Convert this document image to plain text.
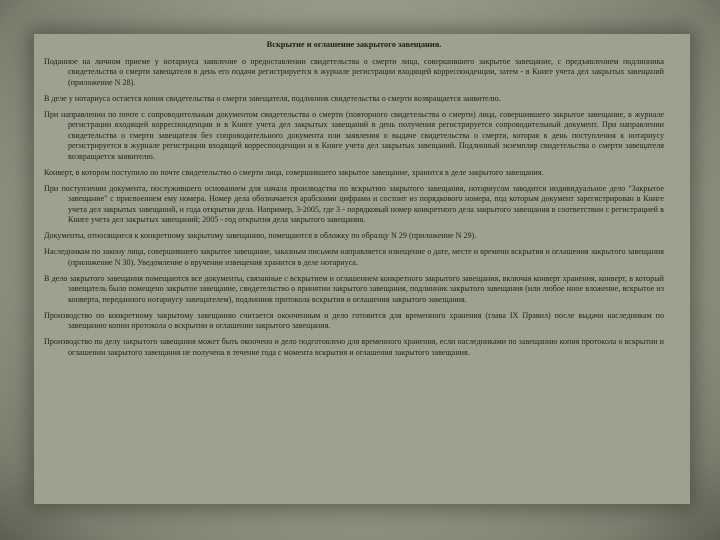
Вскрытие и оглашение закрытого завещания.

Поданное на личном приеме у нотариуса заявление о предоставлении свидетельства о смерти лица, совершившего закрытое завещание, с предъявлением подлинника свидетельства о смерти завещателя в день его подачи регистрируется в журнале регистрации входящей корреспонденции, затем - в Книге учета дел закрытых завещаний (приложение N 28).

В деле у нотариуса остается копия свидетельства о смерти завещателя, подлинник свидетельства о смерти возвращается заявителю.

При направлении по почте с сопроводительным документом свидетельства о смерти (повторного свидетельства о смерти) лица, совершившего закрытое завещание, в журнале регистрации входящей корреспонденции и в Книге учета дел закрытых завещаний в день получения регистрируется сопроводительный документ. При направлении свидетельства о смерти завещателя без сопроводительного документа или заявления о выдаче свидетельства о смерти, которая в день поступления к нотариусу регистрируется в журнале регистрации входящей корреспонденции и в Книге учета дел закрытых завещаний. Подлинный экземпляр свидетельства о смерти завещателя возвращается заявителю.

Конверт, в котором поступило по почте свидетельство о смерти лица, совершившего закрытое завещание, хранится в деле закрытого завещания.

При поступлении документа, послужившего основанием для начала производства по вскрытию закрытого завещания, нотариусом заводится индивидуальное дело "Закрытое завещание" с присвоением ему номера. Номер дела обозначается арабскими цифрами и состоит из порядкового номера, под которым документ зарегистрирован в Книге учета дел закрытых завещаний, и года открытия дела. Например, 3-2005, где 3 - порядковый номер конкретного дела закрытого завещания в соответствии с регистрацией в Книге учета дел закрытых завещаний; 2005 - год открытия дела закрытого завещания.

Документы, относящиеся к конкретному закрытому завещанию, помещаются в обложку по образцу N 29 (приложение N 29).

Наследникам по закону лица, совершившего закрытое завещание, заказным письмом направляется извещение о дате, месте и времени вскрытия и оглашения закрытого завещания (приложение N 30). Уведомление о вручении извещения хранится в деле нотариуса.

В дело закрытого завещания помещаются все документы, связанные с вскрытием и оглашением конкретного закрытого завещания, включая конверт хранения, конверт, в который завещатель было помещено закрытое завещание, свидетельство о принятии закрытого завещания, подлинник закрытого завещания (или любое иное вложение, вскрытое из конверта, переданного нотариусу завещателем), подлинник протокола вскрытия и оглашения закрытого завещания.

Производство по конкретному закрытому завещанию считается оконченным и дело готовится для временного хранения (глава IX Правил) после выдачи наследникам по завещанию копии протокола о вскрытии и оглашении закрытого завещания.

Производство по делу закрытого завещания может быть окончено и дело подготовлено для временного хранения, если наследниками по завещанию копия протокола о вскрытии и оглашении закрытого завещания не получена в течение года с момента вскрытия и оглашения закрытого завещания.
